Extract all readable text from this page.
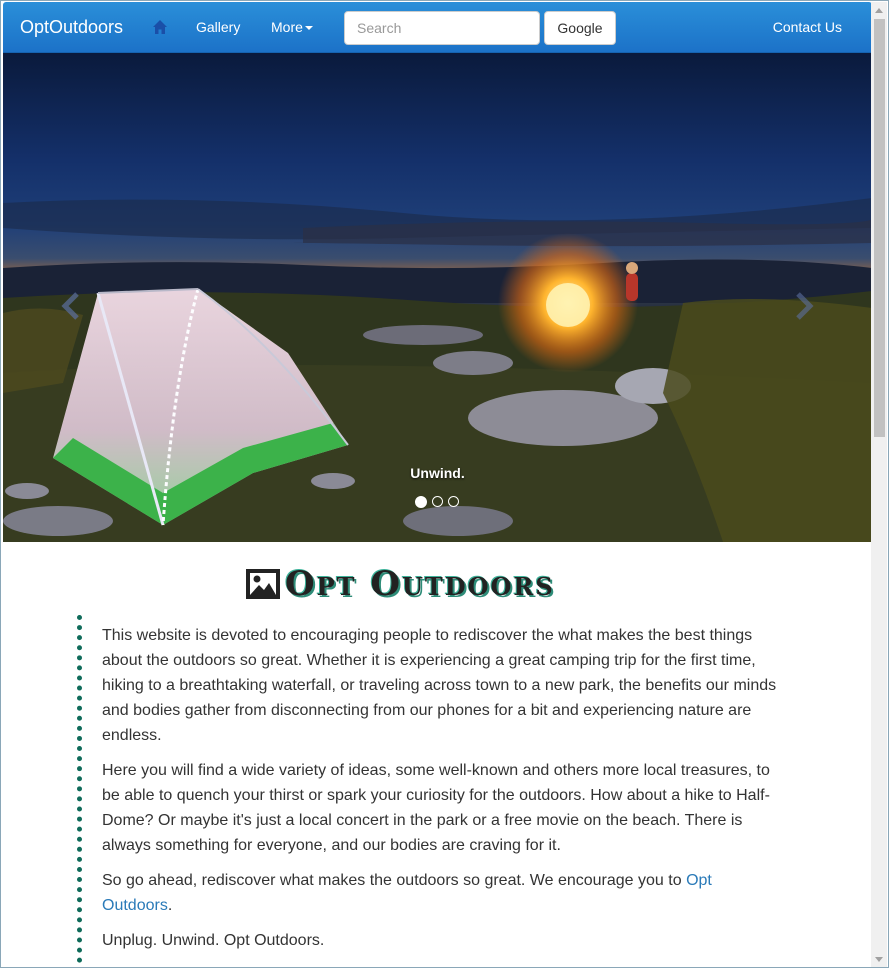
OptOutdoors	Gallery More
Search	Google	Contact Us
Unwind.
Opt Outdoors

This website is devoted to encouraging people to rediscover the what makes the best things about the outdoors so great. Whether it is experiencing a great camping trip for the first time, hiking to a breathtaking waterfall, or traveling across town to a new park, the benefits our minds and bodies gather from disconnecting from our phones for a bit and experiencing nature are endless.

Here you will find a wide variety of ideas, some well-known and others more local treasures, to be able to quench your thirst or spark your curiosity for the outdoors. How about a hike to Half-Dome? Or maybe it's just a local concert in the park or a free movie on the beach. There is always something for everyone, and our bodies are craving for it.

So go ahead, rediscover what makes the outdoors so great. We encourage you to Opt Outdoors.

Unplug. Unwind. Opt Outdoors.
